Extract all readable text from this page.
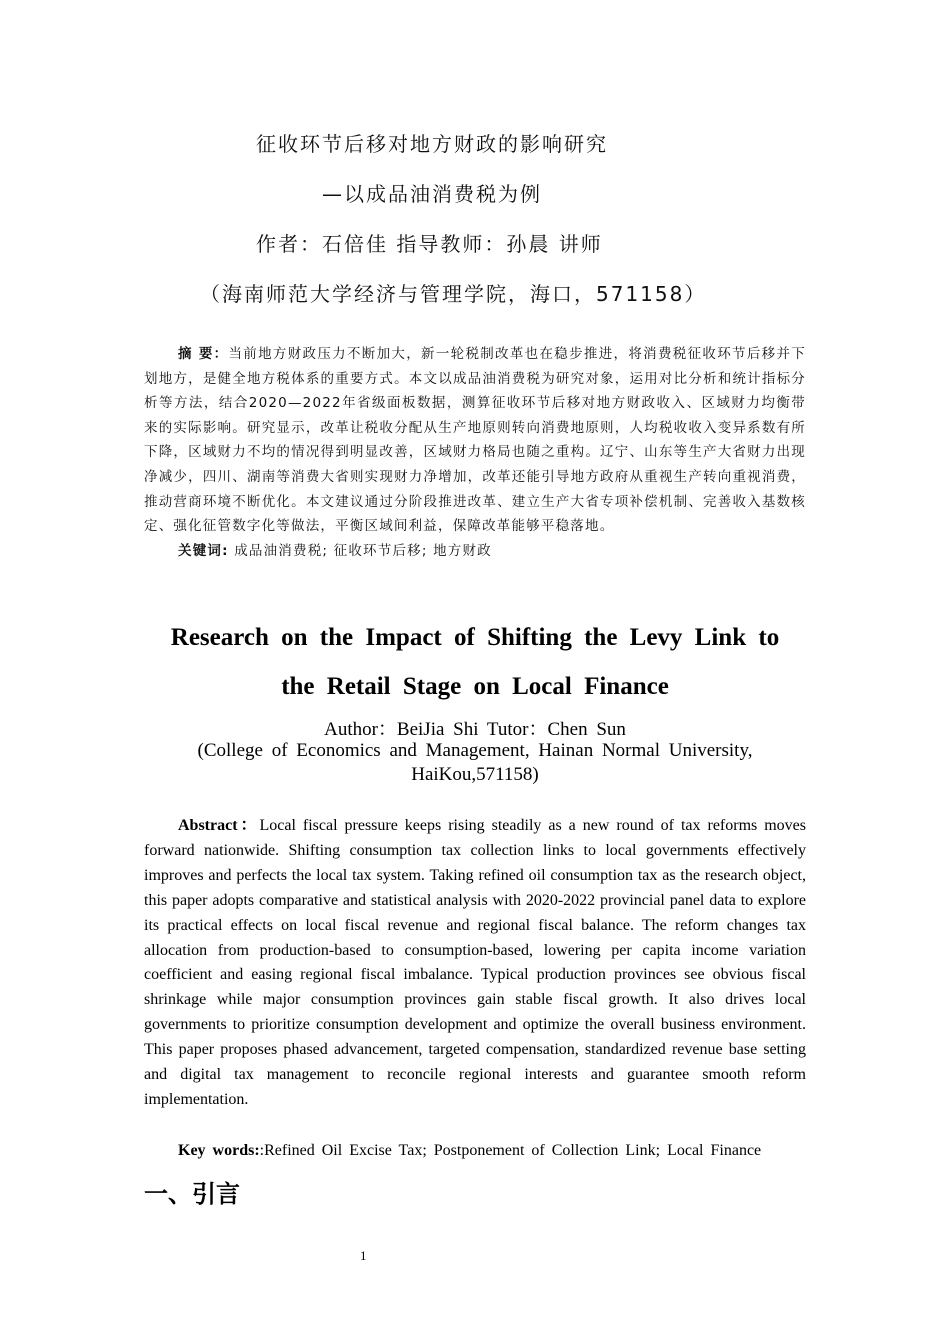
征收环节后移对地方财政的影响研究
—以成品油消费税为例
作者：石倍佳 指导教师：孙晨 讲师
（海南师范大学经济与管理学院，海口，571158）

摘 要：当前地方财政压力不断加大，新一轮税制改革也在稳步推进，将消费税征收环节后移并下划地方，是健全地方税体系的重要方式。本文以成品油消费税为研究对象，运用对比分析和统计指标分析等方法，结合2020—2022年省级面板数据，测算征收环节后移对地方财政收入、区域财力均衡带来的实际影响。研究显示，改革让税收分配从生产地原则转向消费地原则，人均税收收入变异系数有所下降，区域财力不均的情况得到明显改善，区域财力格局也随之重构。辽宁、山东等生产大省财力出现净减少，四川、湖南等消费大省则实现财力净增加，改革还能引导地方政府从重视生产转向重视消费，推动营商环境不断优化。本文建议通过分阶段推进改革、建立生产大省专项补偿机制、完善收入基数核定、强化征管数字化等做法，平衡区域间利益，保障改革能够平稳落地。

关键词: 成品油消费税; 征收环节后移; 地方财政

Research on the Impact of Shifting the Levy Link to
the Retail Stage on Local Finance
Author：BeiJia Shi Tutor：Chen Sun
(College of Economics and Management, Hainan Normal University, HaiKou,571158)

Abstract：Local fiscal pressure keeps rising steadily as a new round of tax reforms moves forward nationwide. Shifting consumption tax collection links to local governments effectively improves and perfects the local tax system. Taking refined oil consumption tax as the research object, this paper adopts comparative and statistical analysis with 2020-2022 provincial panel data to explore its practical effects on local fiscal revenue and regional fiscal balance. The reform changes tax allocation from production-based to consumption-based, lowering per capita income variation coefficient and easing regional fiscal imbalance. Typical production provinces see obvious fiscal shrinkage while major consumption provinces gain stable fiscal growth. It also drives local governments to prioritize consumption development and optimize the overall business environment. This paper proposes phased advancement, targeted compensation, standardized revenue base setting and digital tax management to reconcile regional interests and guarantee smooth reform implementation.

Key words::Refined Oil Excise Tax; Postponement of Collection Link; Local Finance
一、引言
1
